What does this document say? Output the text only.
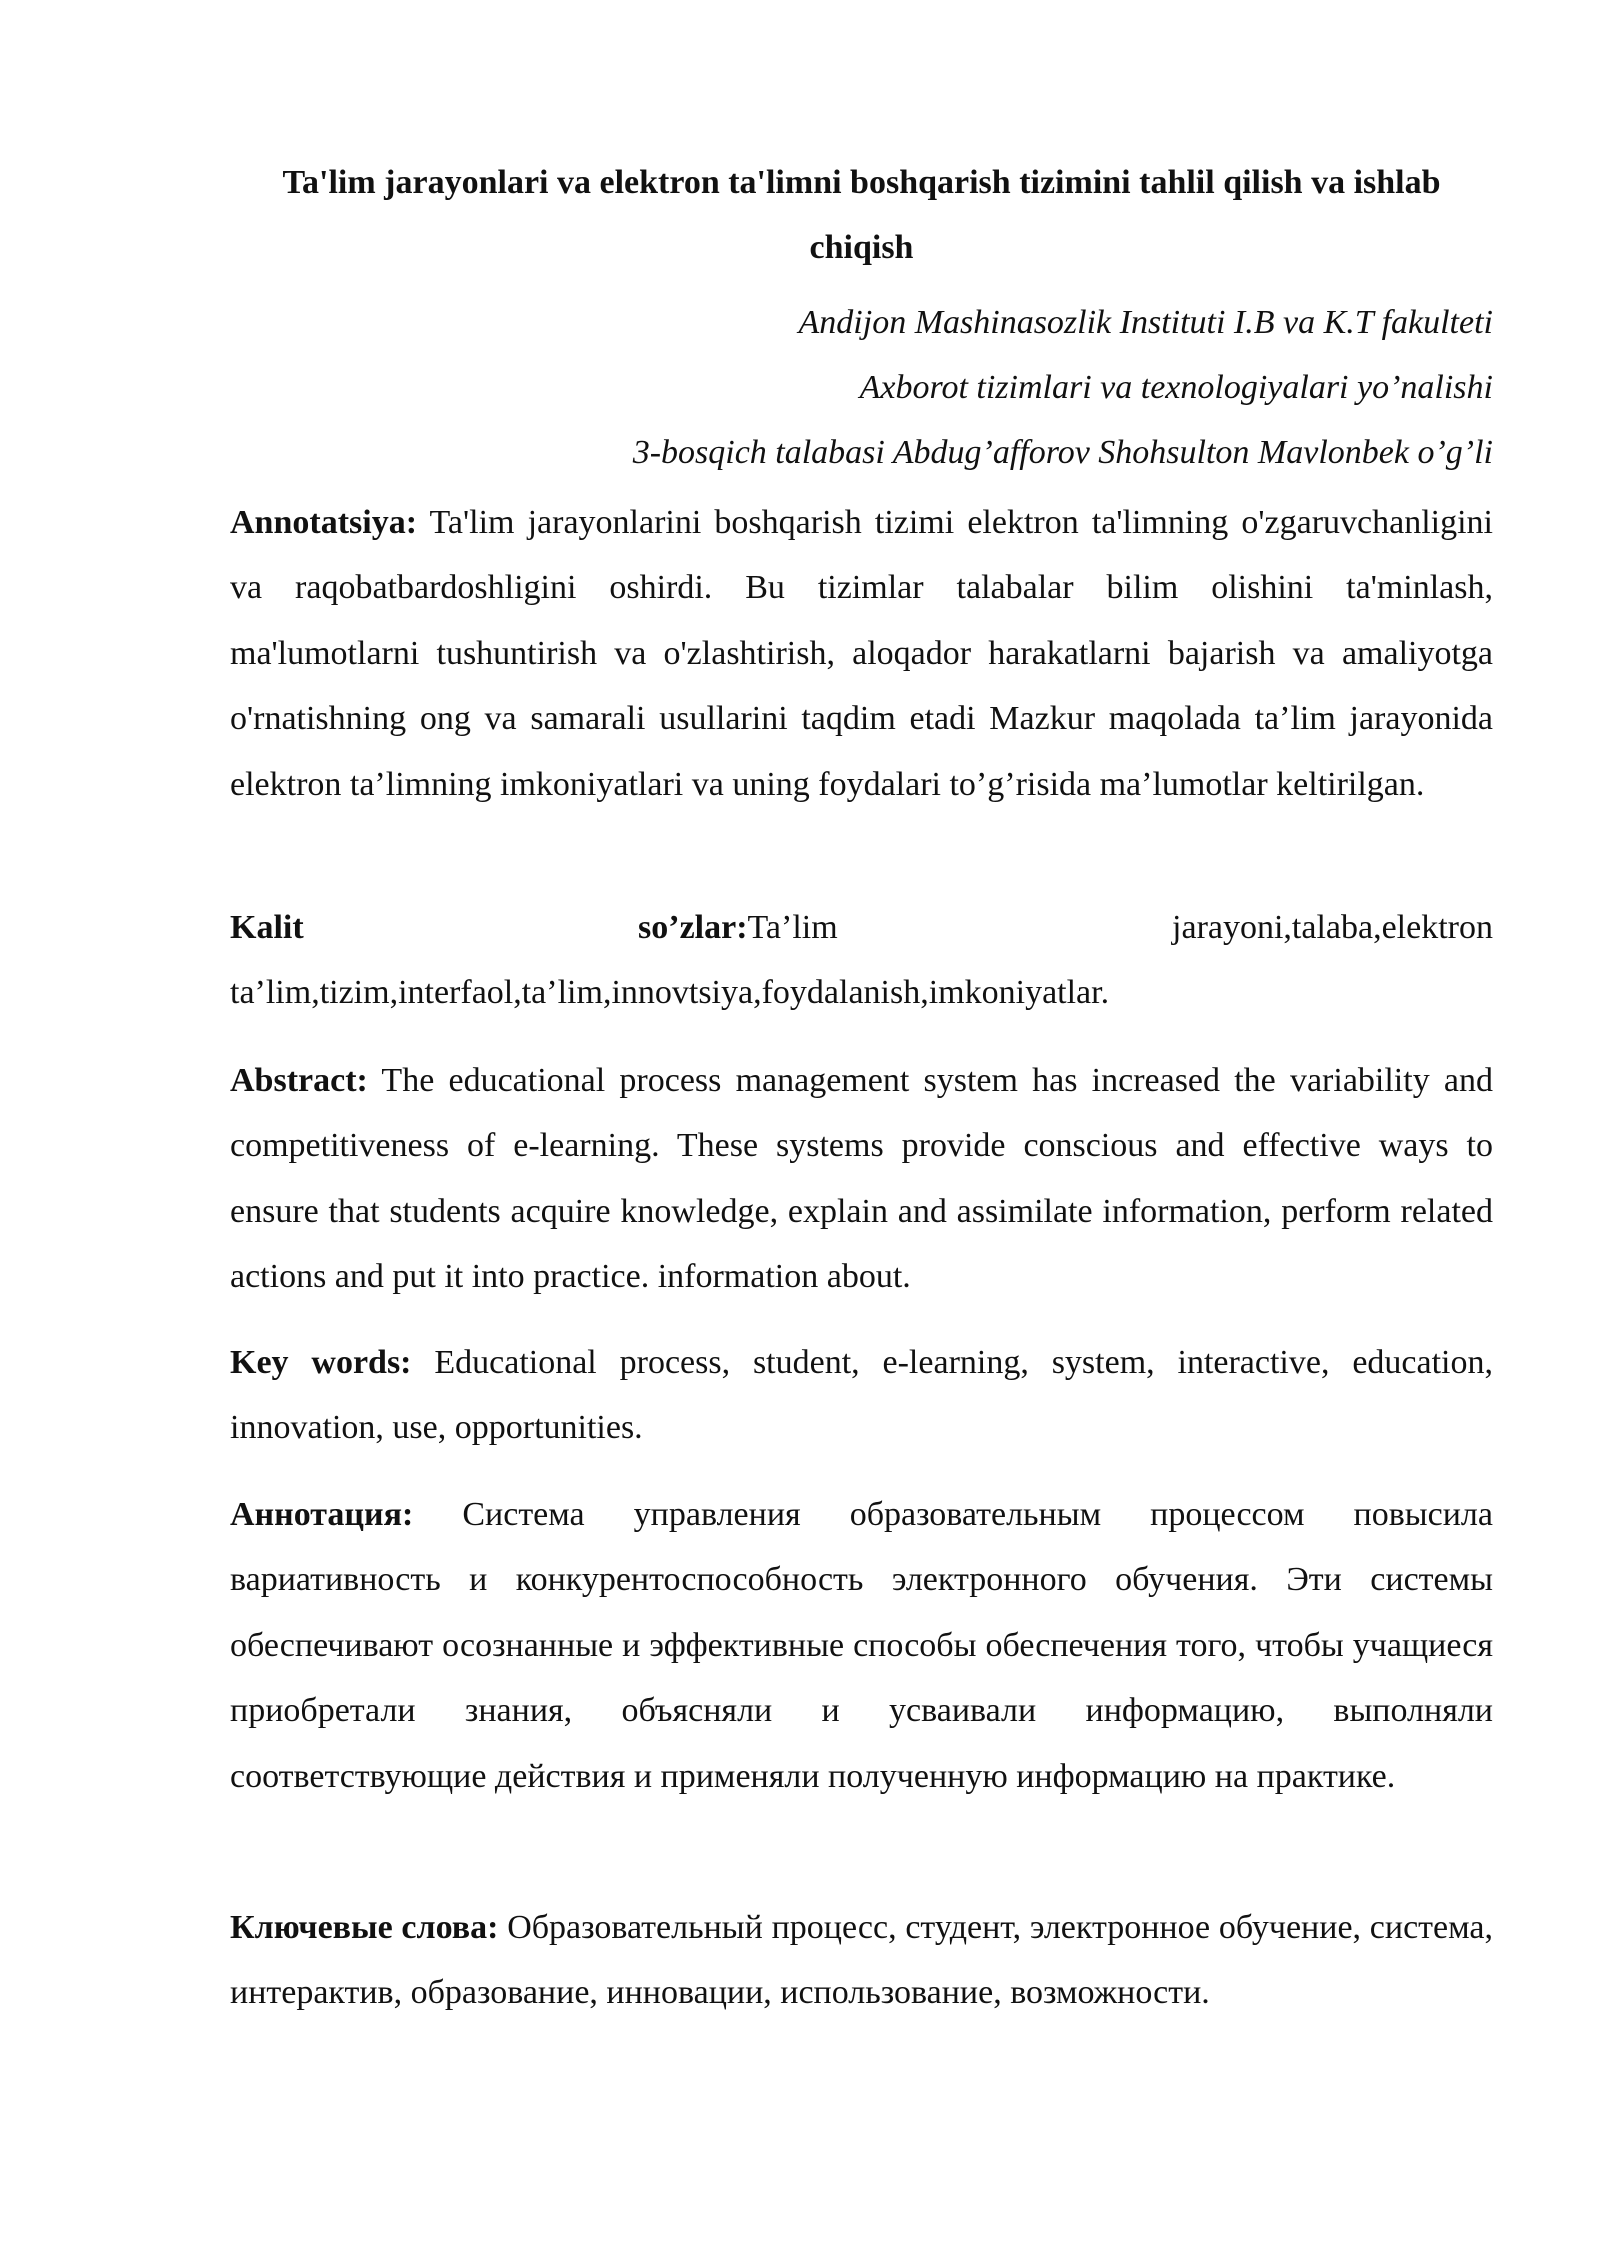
Ta'lim jarayonlari va elektron ta'limni boshqarish tizimini tahlil qilish va ishlab chiqish
Andijon Mashinasozlik Instituti I.B va K.T fakulteti
Axborot tizimlari va texnologiyalari yo’nalishi
3-bosqich talabasi Abdug’afforov Shohsulton Mavlonbek o’g’li
Annotatsiya: Ta'lim jarayonlarini boshqarish tizimi elektron ta'limning o'zgaruvchanligini va raqobatbardoshligini oshirdi. Bu tizimlar talabalar bilim olishini ta'minlash, ma'lumotlarni tushuntirish va o'zlashtirish, aloqador harakatlarni bajarish va amaliyotga o'rnatishning ong va samarali usullarini taqdim etadi Mazkur maqolada ta’lim jarayonida elektron ta’limning imkoniyatlari va uning foydalari to’g’risida ma’lumotlar keltirilgan.
Kalit	so’zlar:Ta’lim	jarayoni,talaba,elektron
ta’lim,tizim,interfaol,ta’lim,innovtsiya,foydalanish,imkoniyatlar.
Abstract: The educational process management system has increased the variability and competitiveness of e-learning. These systems provide conscious and effective ways to ensure that students acquire knowledge, explain and assimilate information, perform related actions and put it into practice. information about.
Key words: Educational process, student, e-learning, system, interactive, education, innovation, use, opportunities.
Аннотация: Система управления образовательным процессом повысила вариативность и конкурентоспособность электронного обучения. Эти системы обеспечивают осознанные и эффективные способы обеспечения того, чтобы учащиеся приобретали знания, объясняли и усваивали информацию, выполняли соответствующие действия и применяли полученную информацию на практике.
Ключевые слова: Образовательный процесс, студент, электронное обучение, система, интерактив, образование, инновации, использование, возможности.
